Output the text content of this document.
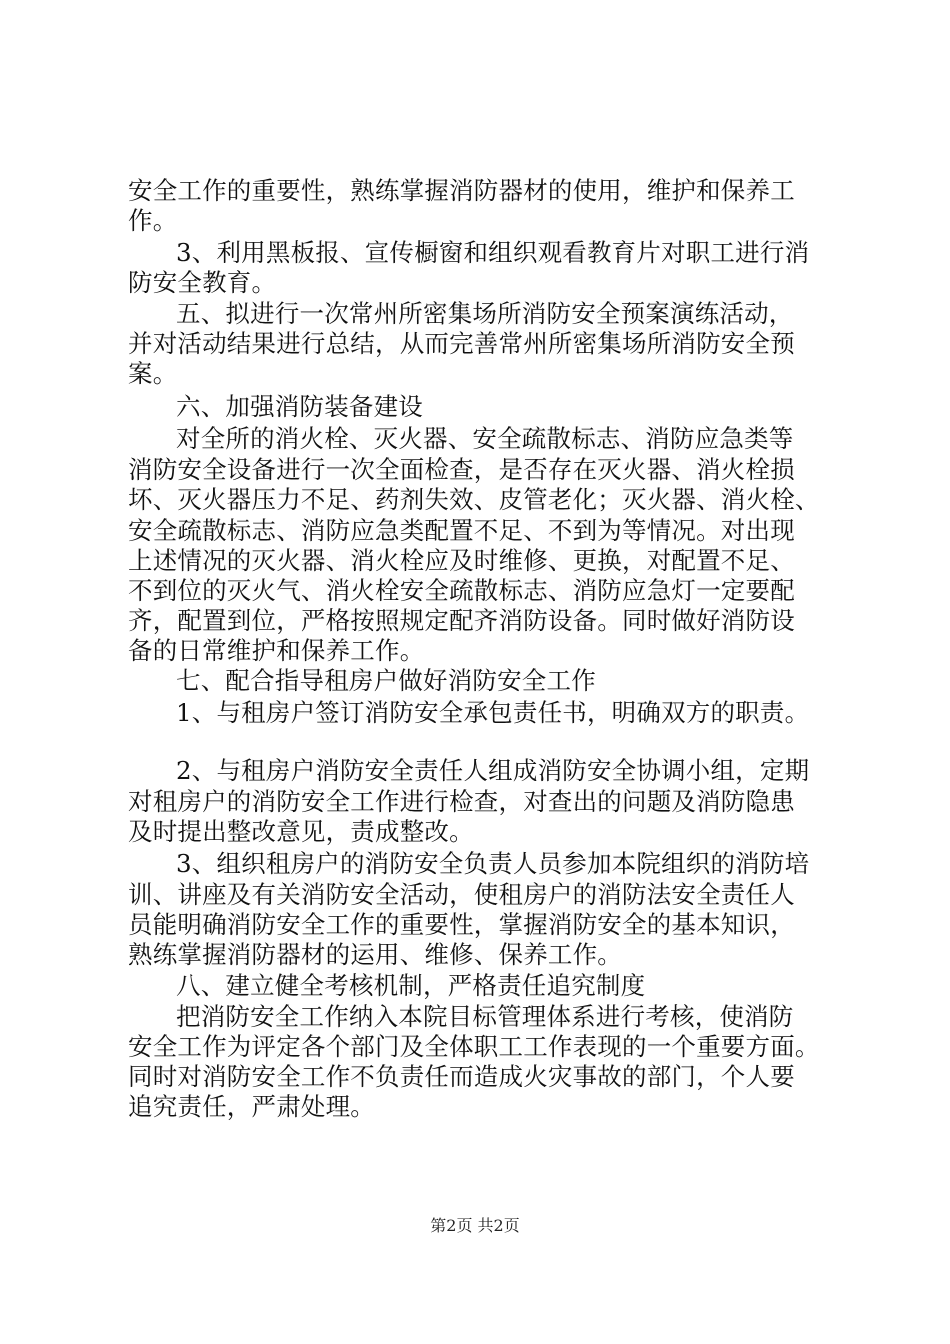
安全工作的重要性，熟练掌握消防器材的使用，维护和保养工
作。
3、利用黑板报、宣传橱窗和组织观看教育片对职工进行消
防安全教育。
五、拟进行一次常州所密集场所消防安全预案演练活动，
并对活动结果进行总结，从而完善常州所密集场所消防安全预
案。
六、加强消防装备建设
对全所的消火栓、灭火器、安全疏散标志、消防应急类等
消防安全设备进行一次全面检查，是否存在灭火器、消火栓损
坏、灭火器压力不足、药剂失效、皮管老化；灭火器、消火栓、
安全疏散标志、消防应急类配置不足、不到为等情况。对出现
上述情况的灭火器、消火栓应及时维修、更换，对配置不足、
不到位的灭火气、消火栓安全疏散标志、消防应急灯一定要配
齐，配置到位，严格按照规定配齐消防设备。同时做好消防设
备的日常维护和保养工作。
七、配合指导租房户做好消防安全工作
1、与租房户签订消防安全承包责任书，明确双方的职责。
2、与租房户消防安全责任人组成消防安全协调小组，定期
对租房户的消防安全工作进行检查，对查出的问题及消防隐患
及时提出整改意见，责成整改。
3、组织租房户的消防安全负责人员参加本院组织的消防培
训、讲座及有关消防安全活动，使租房户的消防法安全责任人
员能明确消防安全工作的重要性，掌握消防安全的基本知识，
熟练掌握消防器材的运用、维修、保养工作。
八、建立健全考核机制，严格责任追究制度
把消防安全工作纳入本院目标管理体系进行考核，使消防
安全工作为评定各个部门及全体职工工作表现的一个重要方面。
同时对消防安全工作不负责任而造成火灾事故的部门，个人要
追究责任，严肃处理。
第2页 共2页
